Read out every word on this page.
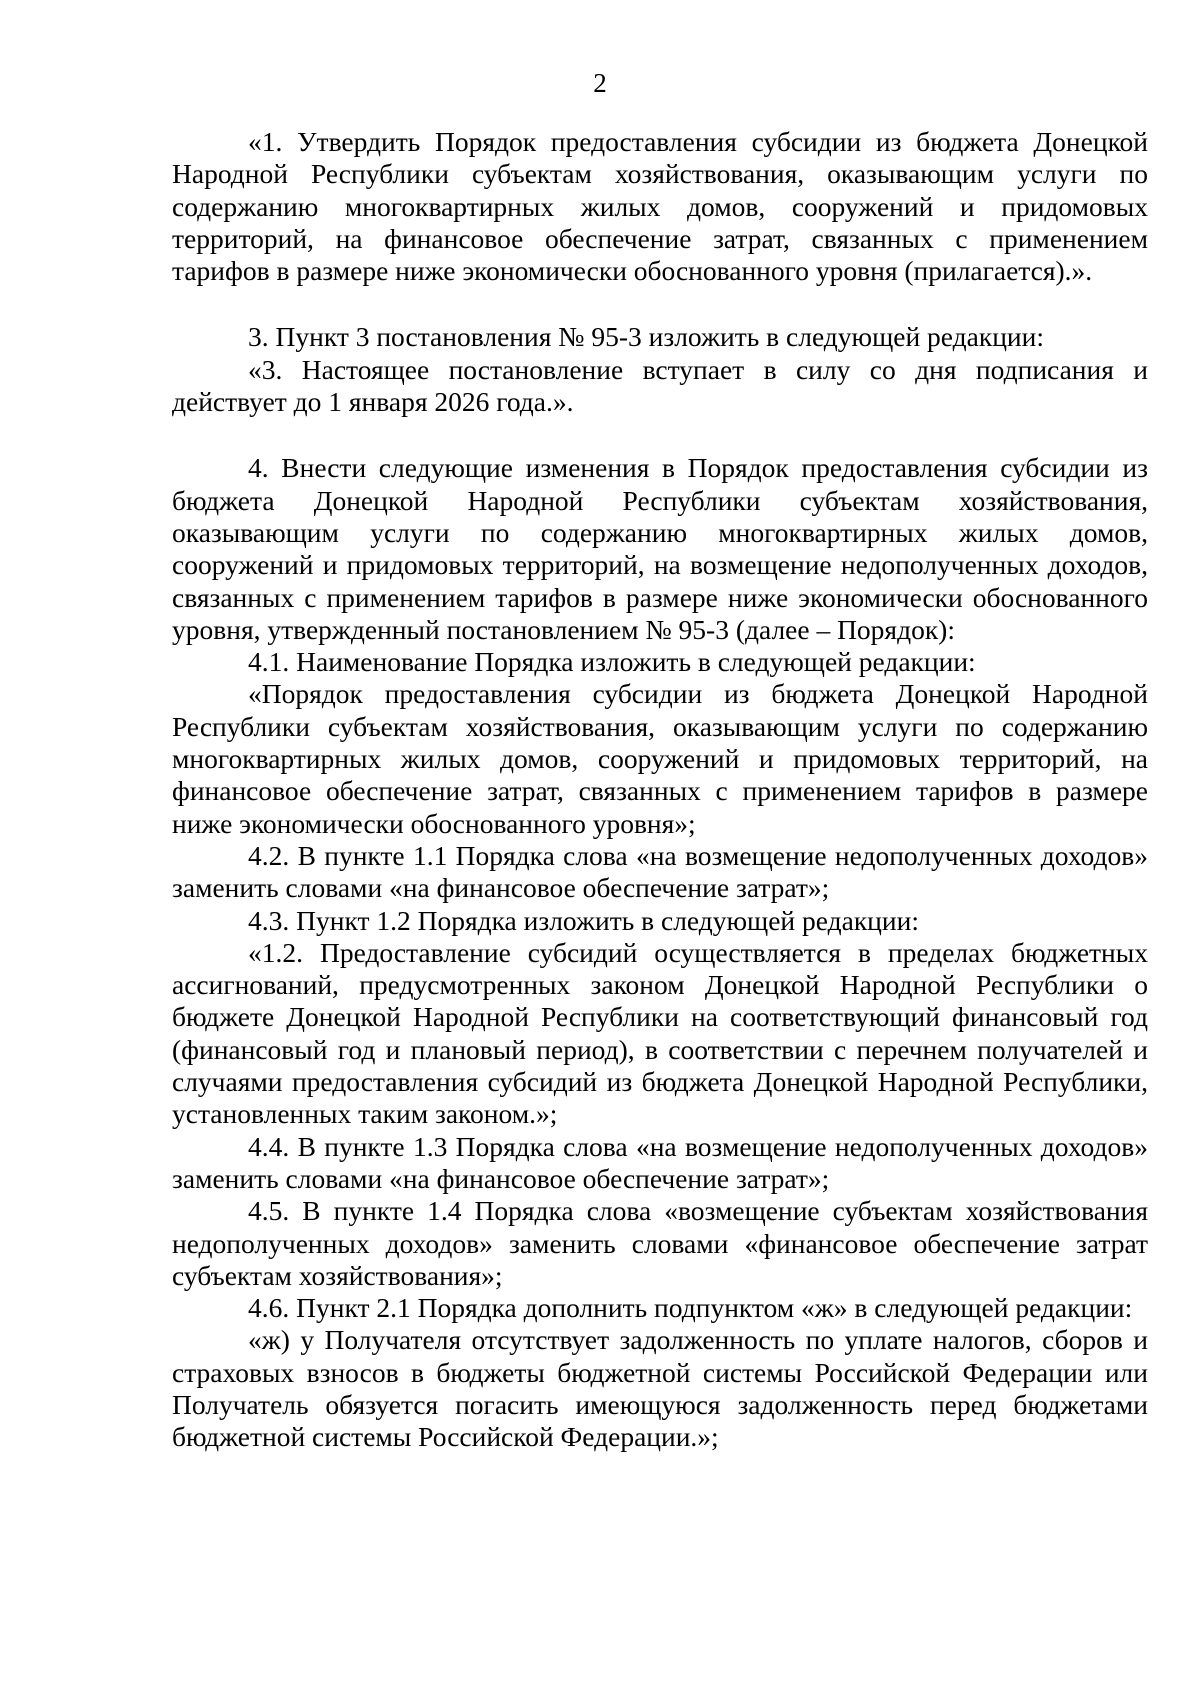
2

«1. Утвердить Порядок предоставления субсидии из бюджета Донецкой Народной Республики субъектам хозяйствования, оказывающим услуги по содержанию многоквартирных жилых домов, сооружений и придомовых территорий, на финансовое обеспечение затрат, связанных с применением тарифов в размере ниже экономически обоснованного уровня (прилагается).».

3. Пункт 3 постановления № 95-3 изложить в следующей редакции:

«3. Настоящее постановление вступает в силу со дня подписания и действует до 1 января 2026 года.».

4. Внести следующие изменения в Порядок предоставления субсидии из бюджета Донецкой Народной Республики субъектам хозяйствования, оказывающим услуги по содержанию многоквартирных жилых домов, сооружений и придомовых территорий, на возмещение недополученных доходов, связанных с применением тарифов в размере ниже экономически обоснованного уровня, утвержденный постановлением № 95-3 (далее – Порядок):

4.1. Наименование Порядка изложить в следующей редакции:

«Порядок предоставления субсидии из бюджета Донецкой Народной Республики субъектам хозяйствования, оказывающим услуги по содержанию многоквартирных жилых домов, сооружений и придомовых территорий, на финансовое обеспечение затрат, связанных с применением тарифов в размере ниже экономически обоснованного уровня»;

4.2. В пункте 1.1 Порядка слова «на возмещение недополученных доходов» заменить словами «на финансовое обеспечение затрат»;

4.3. Пункт 1.2 Порядка изложить в следующей редакции:

«1.2. Предоставление субсидий осуществляется в пределах бюджетных ассигнований, предусмотренных законом Донецкой Народной Республики о бюджете Донецкой Народной Республики на соответствующий финансовый год (финансовый год и плановый период), в соответствии с перечнем получателей и случаями предоставления субсидий из бюджета Донецкой Народной Республики, установленных таким законом.»;

4.4. В пункте 1.3 Порядка слова «на возмещение недополученных доходов» заменить словами «на финансовое обеспечение затрат»;

4.5. В пункте 1.4 Порядка слова «возмещение субъектам хозяйствования недополученных доходов» заменить словами «финансовое обеспечение затрат субъектам хозяйствования»;

4.6. Пункт 2.1 Порядка дополнить подпунктом «ж» в следующей редакции:

«ж) у Получателя отсутствует задолженность по уплате налогов, сборов и страховых взносов в бюджеты бюджетной системы Российской Федерации или Получатель обязуется погасить имеющуюся задолженность перед бюджетами бюджетной системы Российской Федерации.»;
